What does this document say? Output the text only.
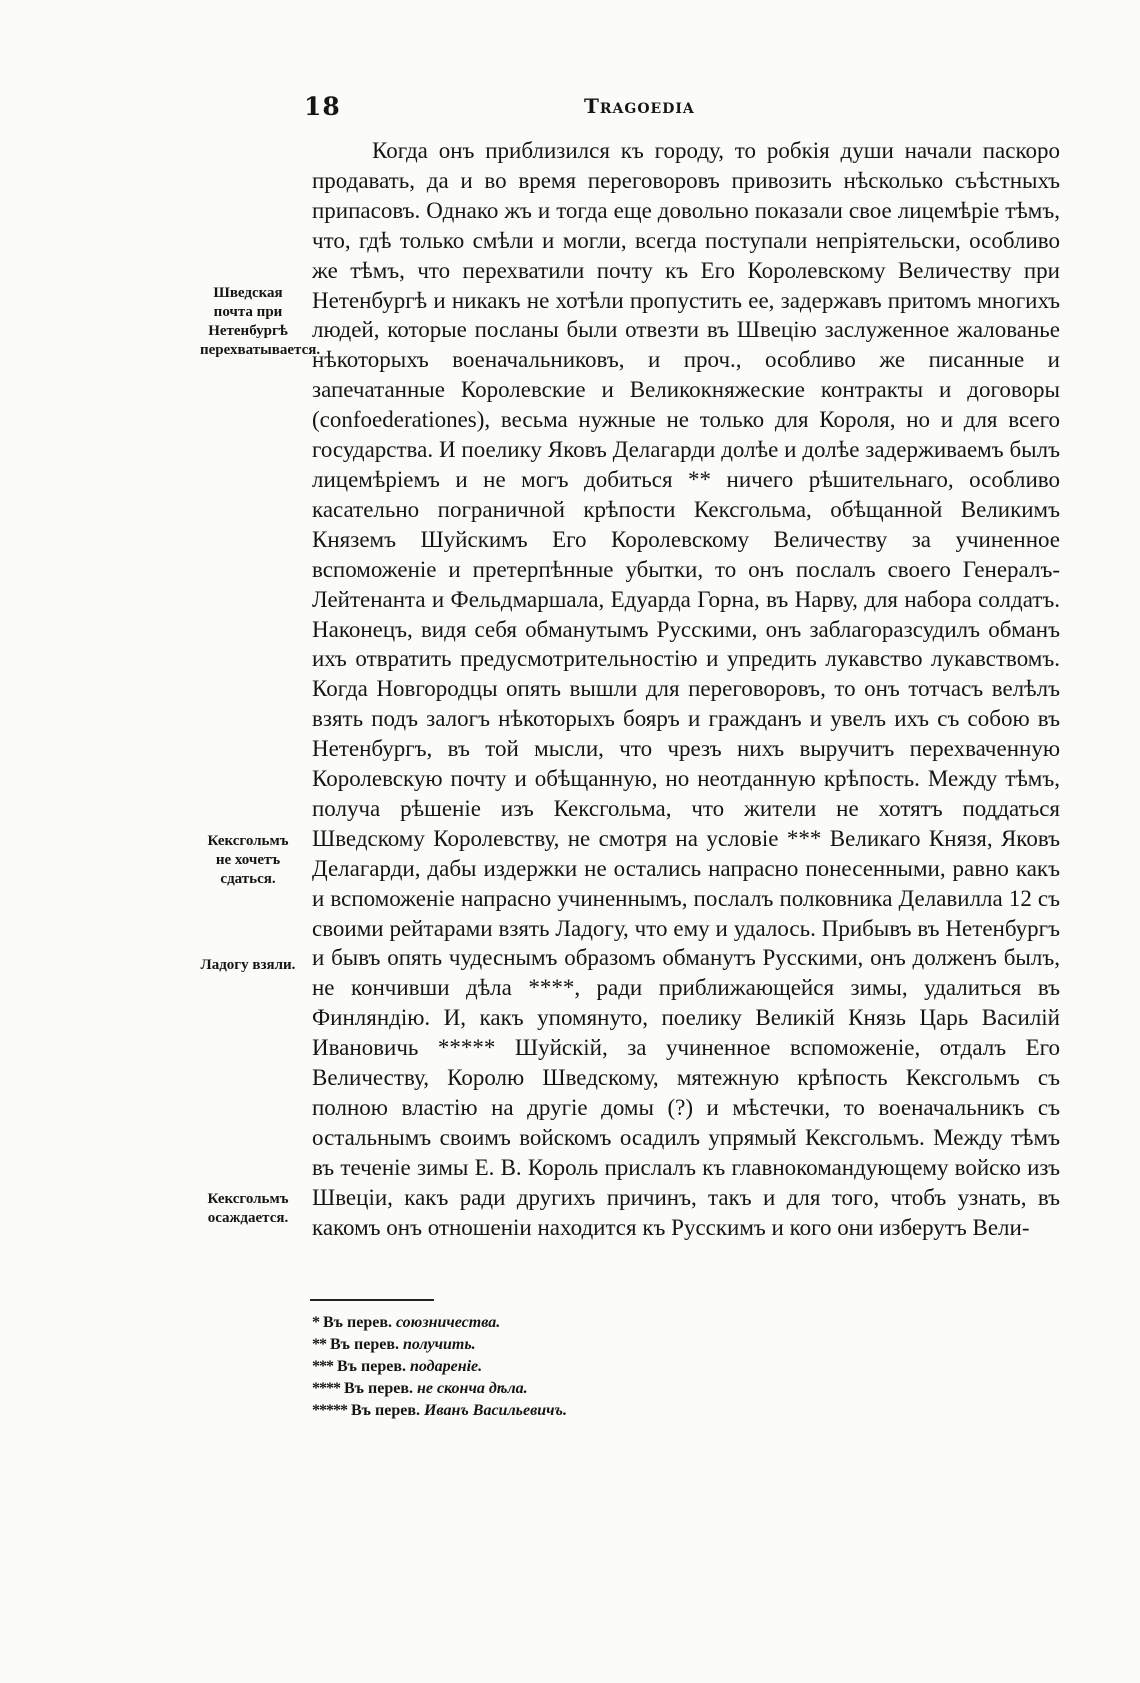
18	Tragoedia
Шведская почта при Нетенбургѣ перехватывается.
Кексгольмъ не хочетъ сдаться.
Ладогу взяли.
Кексгольмъ осаждается.

Когда онъ приблизился къ городу, то робкія души начали паскоро продавать, да и во время переговоровъ привозить нѣсколько съѣстныхъ припасовъ. Однако жъ и тогда еще довольно показали свое лицемѣріе тѣмъ, что, гдѣ только смѣли и могли, всегда поступали непріятельски, особливо же тѣмъ, что перехватили почту къ Его Королевскому Величеству при Нетенбургѣ и никакъ не хотѣли пропустить ее, задержавъ притомъ многихъ людей, которые посланы были отвезти въ Швецію заслуженное жалованье нѣкоторыхъ военачальниковъ, и проч., особливо же писанные и запечатанные Королевские и Великокняжеские контракты и договоры (confoederationes), весьма нужные не только для Короля, но и для всего государства. И поелику Яковъ Делагарди долѣе и долѣе задерживаемъ былъ лицемѣріемъ и не могъ добиться ** ничего рѣшительнаго, особливо касательно пограничной крѣпости Кексгольма, обѣщанной Великимъ Княземъ Шуйскимъ Его Королевскому Величеству за учиненное вспоможеніе и претерпѣнные убытки, то онъ послалъ своего Генералъ-Лейтенанта и Фельдмаршала, Едуарда Горна, въ Нарву, для набора солдатъ. Наконецъ, видя себя обманутымъ Русскими, онъ заблагоразсудилъ обманъ ихъ отвратить предусмотрительностію и упредить лукавство лукавствомъ. Когда Новгородцы опять вышли для переговоровъ, то онъ тотчасъ велѣлъ взять подъ залогъ нѣкоторыхъ бояръ и гражданъ и увелъ ихъ съ собою въ Нетенбургъ, въ той мысли, что чрезъ нихъ выручитъ перехваченную Королевскую почту и обѣщанную, но неотданную крѣпость. Между тѣмъ, получа рѣшеніе изъ Кексгольма, что жители не хотятъ поддаться Шведскому Королевству, не смотря на условіе *** Великаго Князя, Яковъ Делагарди, дабы издержки не остались напрасно понесенными, равно какъ и вспоможеніе напрасно учиненнымъ, послалъ полковника Делавилла 12 съ своими рейтарами взять Ладогу, что ему и удалось. Прибывъ въ Нетенбургъ и бывъ опять чудеснымъ образомъ обманутъ Русскими, онъ долженъ былъ, не кончивши дѣла ****, ради приближающейся зимы, удалиться въ Финляндію. И, какъ упомянуто, поелику Великій Князь Царь Василій Ивановичь ***** Шуйскій, за учиненное вспоможеніе, отдалъ Его Величеству, Королю Шведскому, мятежную крѣпость Кексгольмъ съ полною властію на другіе домы (?) и мѣстечки, то военачальникъ съ остальнымъ своимъ войскомъ осадилъ упрямый Кексгольмъ. Между тѣмъ въ теченіе зимы Е. В. Король прислалъ къ главнокомандующему войско изъ Швеціи, какъ ради другихъ причинъ, такъ и для того, чтобъ узнать, въ какомъ онъ отношеніи находится къ Русскимъ и кого они изберутъ Вели-

* Въ перев. союзничества.
** Въ перев. получить.
*** Въ перев. подареніе.
**** Въ перев. не скончa дѣла.
***** Въ перев. Иванъ Васильевичъ.
